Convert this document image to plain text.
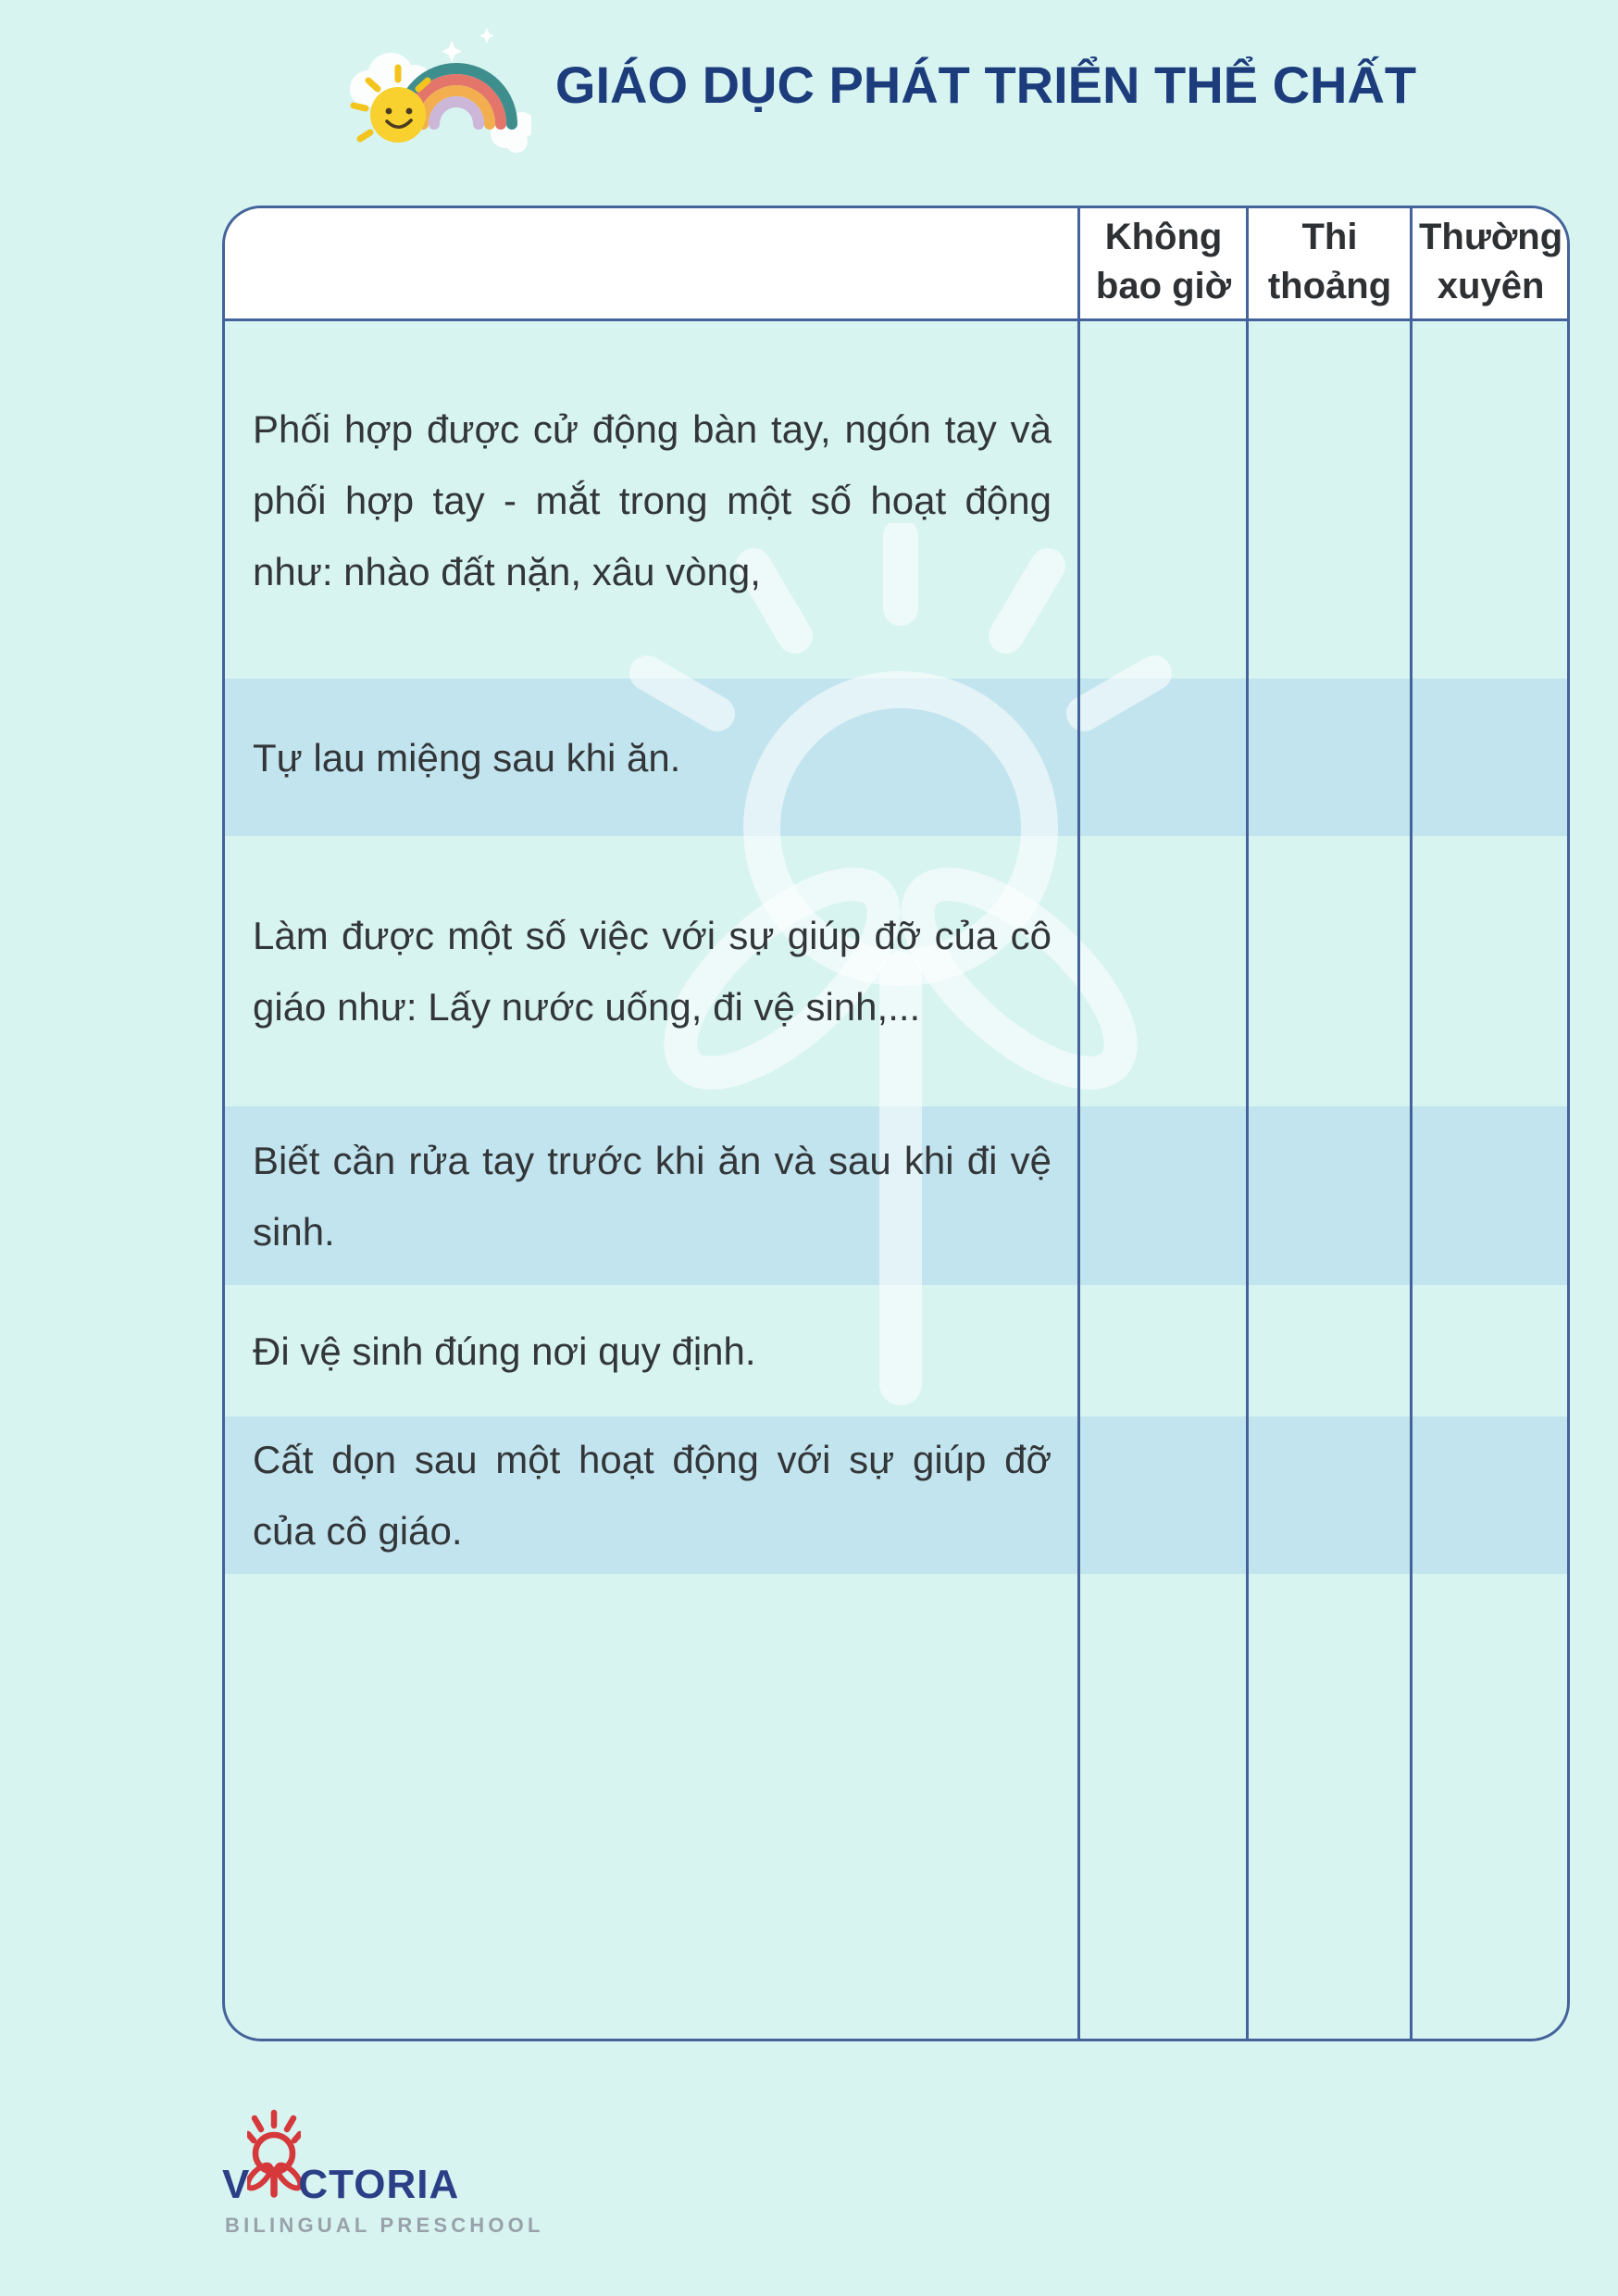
GIÁO DỤC PHÁT TRIỂN THỂ CHẤT
Không bao giờ
Thi thoảng
Thường xuyên
Phối hợp được cử động bàn tay, ngón tay và phối hợp tay - mắt trong một số hoạt động như: nhào đất nặn, xâu vòng,
Tự lau miệng sau khi ăn.
Làm được một số việc với sự giúp đỡ của cô giáo như: Lấy nước uống, đi vệ sinh,...
Biết cần rửa tay trước khi ăn và sau khi đi vệ sinh.
Đi vệ sinh đúng nơi quy định.
Cất dọn sau một hoạt động với sự giúp đỡ của cô giáo.
V CTORIA
BILINGUAL PRESCHOOL
